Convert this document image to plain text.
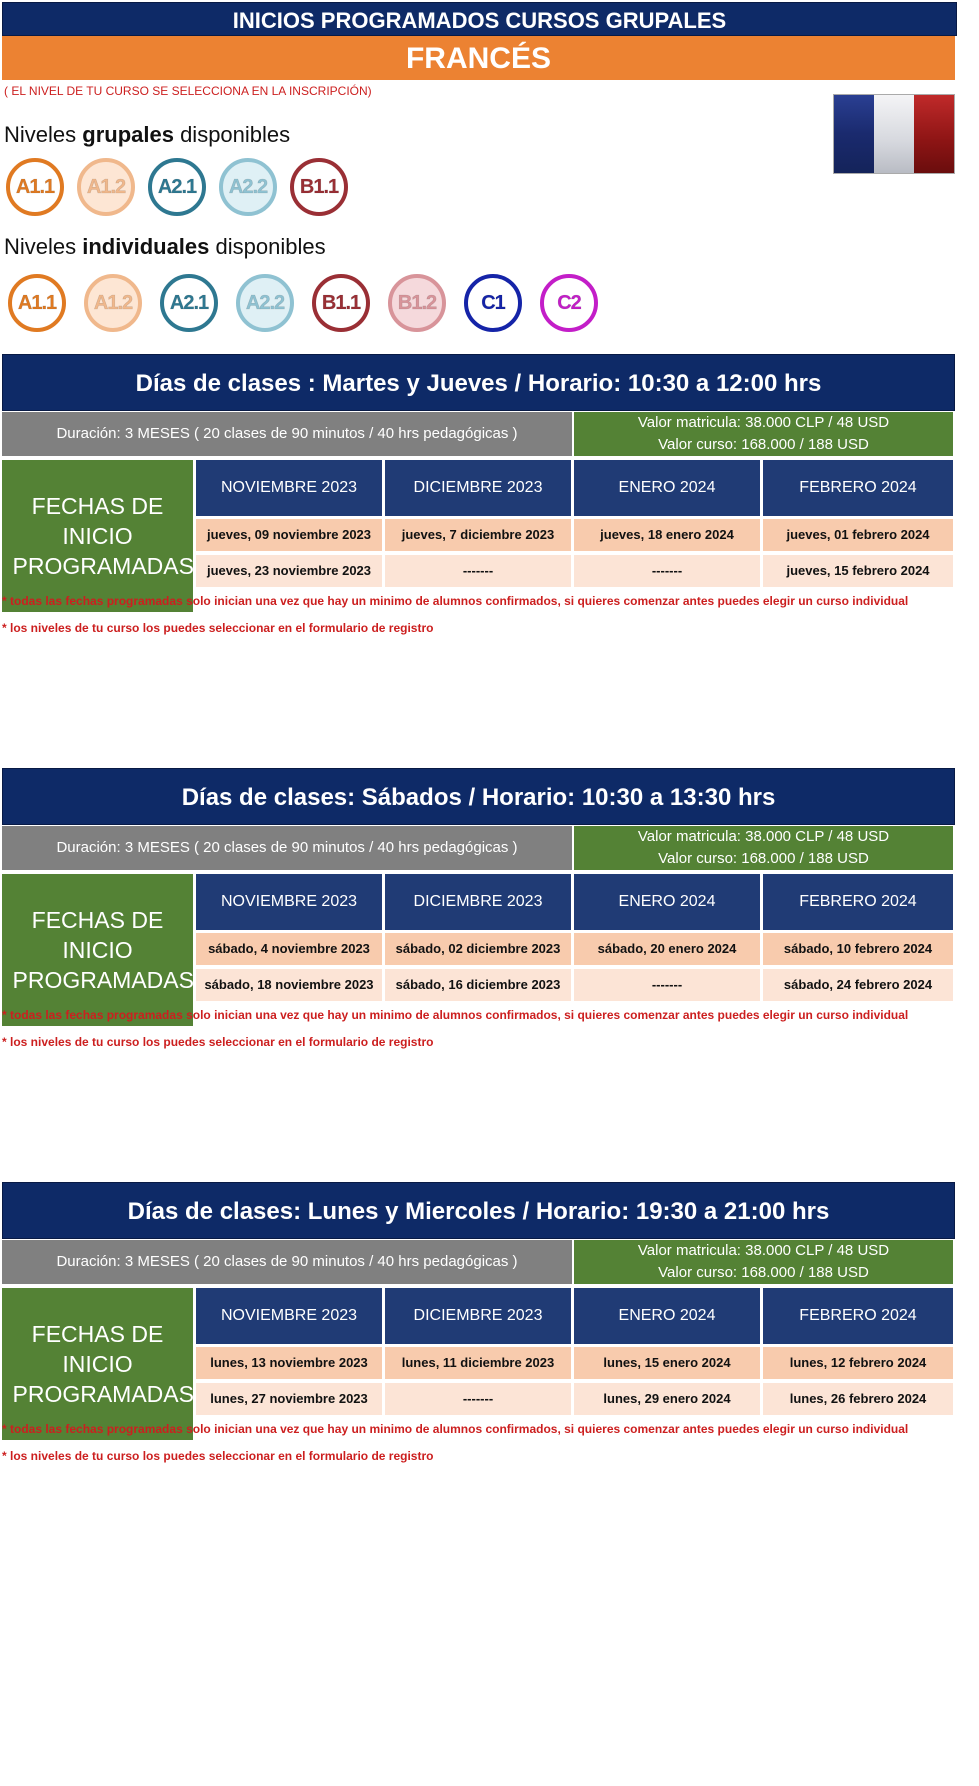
INICIOS PROGRAMADOS CURSOS GRUPALES
FRANCÉS
( EL NIVEL DE TU CURSO SE SELECCIONA EN LA INSCRIPCIÓN)
Niveles grupales disponibles
A1.1	A1.2	A2.1	A2.2	B1.1
Niveles individuales disponibles
A1.1	A1.2	A2.1	A2.2	B1.1	B1.2	C1	C2
Días de clases : Martes y Jueves / Horario: 10:30 a 12:00 hrs
Duración: 3 MESES ( 20 clases de 90 minutos / 40 hrs pedagógicas )
Valor matricula: 38.000 CLP / 48 USD
Valor curso: 168.000 / 188 USD
FECHAS DE INICIO PROGRAMADAS
NOVIEMBRE 2023	DICIEMBRE 2023	ENERO 2024	FEBRERO 2024
jueves, 09 noviembre 2023	jueves, 7 diciembre 2023	jueves, 18 enero 2024	jueves, 01 febrero 2024
jueves, 23 noviembre 2023	-------	-------	jueves, 15 febrero 2024
* todas las fechas programadas solo inician una vez que hay un minimo de alumnos confirmados, si quieres comenzar antes puedes elegir un curso individual
* los niveles de tu curso los puedes seleccionar en el formulario de registro
Días de clases: Sábados / Horario: 10:30 a 13:30 hrs
Duración: 3 MESES ( 20 clases de 90 minutos / 40 hrs pedagógicas )
Valor matricula: 38.000 CLP / 48 USD
Valor curso: 168.000 / 188 USD
FECHAS DE INICIO PROGRAMADAS
NOVIEMBRE 2023	DICIEMBRE 2023	ENERO 2024	FEBRERO 2024
sábado, 4 noviembre 2023	sábado, 02 diciembre 2023	sábado, 20 enero 2024	sábado, 10 febrero 2024
sábado, 18 noviembre 2023	sábado, 16 diciembre 2023	-------	sábado, 24 febrero 2024
* todas las fechas programadas solo inician una vez que hay un minimo de alumnos confirmados, si quieres comenzar antes puedes elegir un curso individual
* los niveles de tu curso los puedes seleccionar en el formulario de registro
Días de clases: Lunes y Miercoles / Horario: 19:30 a 21:00 hrs
Duración: 3 MESES ( 20 clases de 90 minutos / 40 hrs pedagógicas )
Valor matricula: 38.000 CLP / 48 USD
Valor curso: 168.000 / 188 USD
FECHAS DE INICIO PROGRAMADAS
NOVIEMBRE 2023	DICIEMBRE 2023	ENERO 2024	FEBRERO 2024
lunes, 13 noviembre 2023	lunes, 11 diciembre 2023	lunes, 15 enero 2024	lunes, 12 febrero 2024
lunes, 27 noviembre 2023	-------	lunes, 29 enero 2024	lunes, 26 febrero 2024
* todas las fechas programadas solo inician una vez que hay un minimo de alumnos confirmados, si quieres comenzar antes puedes elegir un curso individual
* los niveles de tu curso los puedes seleccionar en el formulario de registro
